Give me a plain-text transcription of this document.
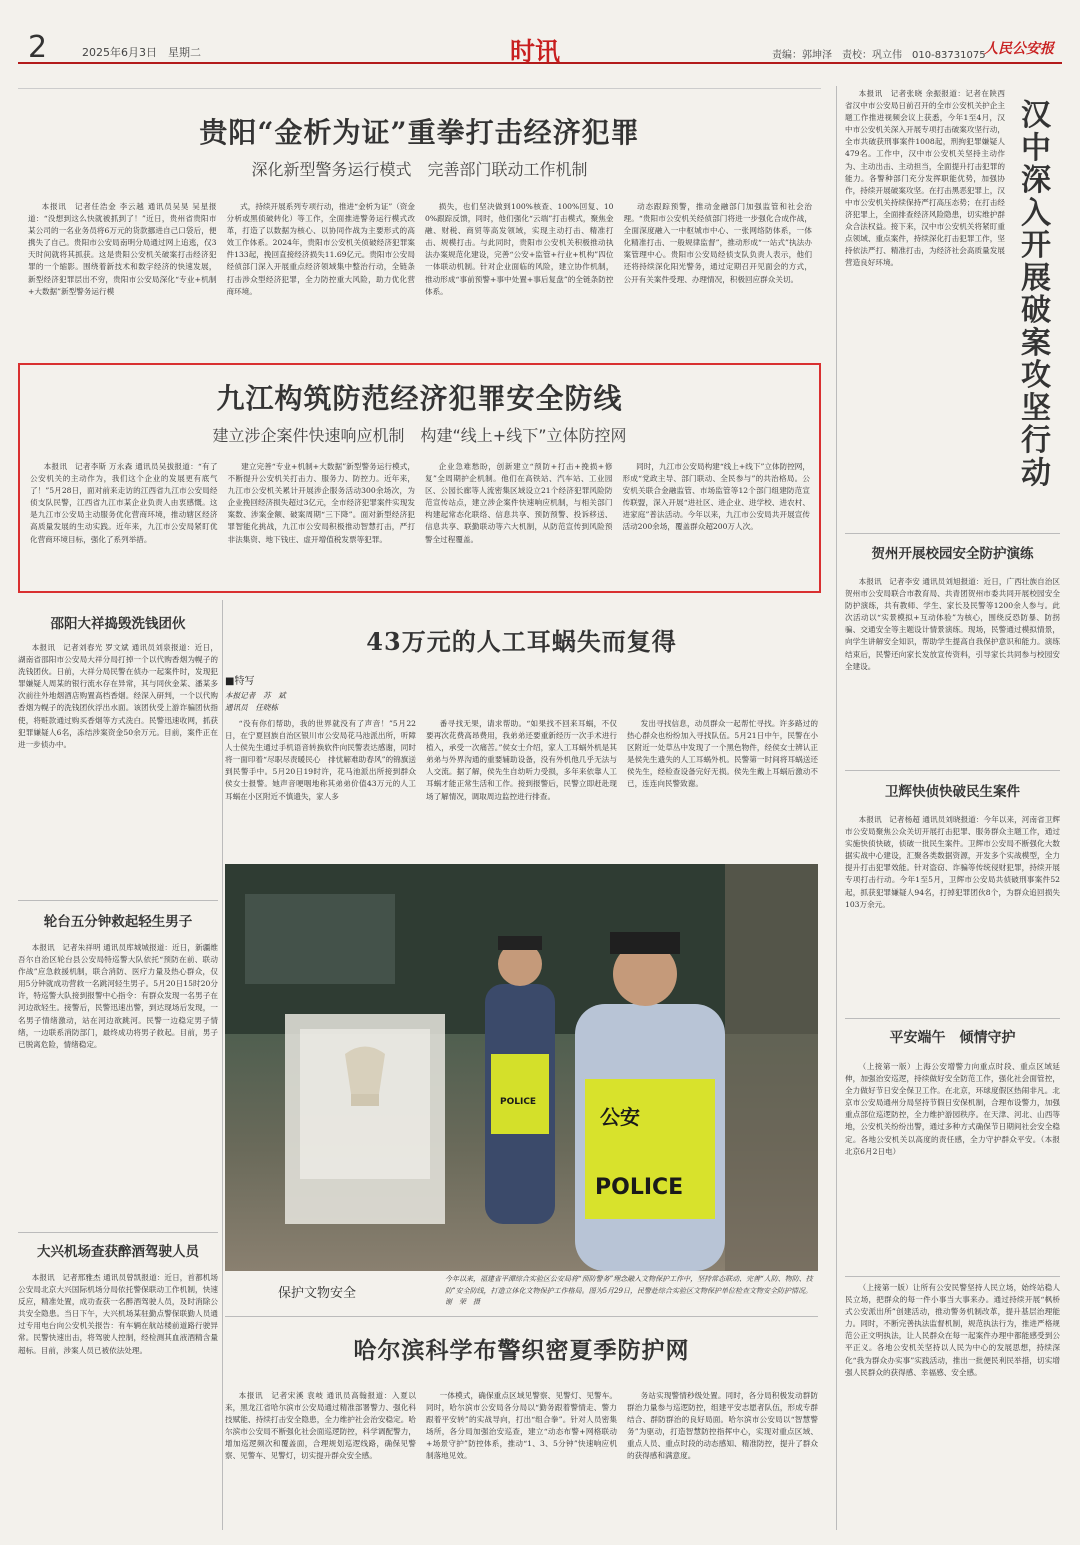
2	2025年6月3日　星期二	时讯	责编：郭坤泽　责校：巩立伟　010-83731075
人民公安报
贵阳“金析为证”重拳打击经济犯罪
深化新型警务运行模式　完善部门联动工作机制

本报讯　记者任浩金 李云越 通讯员吴昊 吴星报道：“没想到这么快就被抓到了！”近日，贵州省贵阳市某公司的一名业务员将6万元的货款挪进自己口袋后，便携失了自己。贵阳市公安局南明分局通过网上追逃，仅3天时间就将其抓获。这是贵阳公安机关破案打击经济犯罪的一个缩影。围绕着新技术和数字经济的快速发展，新型经济犯罪层出不穷，贵阳市公安局深化“专业+机制+大数据”新型警务运行模

式，持续开展系列专项行动，推进“金析为证”（资金分析或黑侦破转化）等工作，全面推进警务运行模式改革，打造了以数据为核心、以协同作战为主要形式的高效工作体系。2024年，贵阳市公安机关侦破经济犯罪案件133起，挽回直接经济损失11.69亿元。贵阳市公安局经侦部门深入开展重点经济领域集中整治行动，全链条打击涉众型经济犯罪，全力防控重大风险，助力优化营商环境。

损失，也们坚决做到100%核查、100%回复、100%跟踪反馈，同时，他们强化“云端”打击模式，聚焦金融、财税、商贸等高发领域，实现主动打击、精准打击、规模打击。与此同时，贵阳市公安机关积极推动执法办案规范化建设，完善“公安+监管+行业+机构”四位一体联动机制。针对企业面临的风险，建立协作机制，推动形成“事前预警+事中处置+事后复盘”的全链条防控体系。

动态跟踪预警，推动金融部门加强监管和社会治理。“贵阳市公安机关经侦部门将进一步强化合成作战，全面深度融入一中枢城市中心、一张网络防体系，一体化精准打击、一般规律监督”，推动形成“一站式”执法办案管理中心。贵阳市公安局经侦支队负责人表示，他们还将持续深化阳光警务，通过定期召开见面会的方式，公开有关案件受理、办理情况，积极回应群众关切。

九江构筑防范经济犯罪安全防线
建立涉企案件快速响应机制　构建“线上+线下”立体防控网

本报讯　记者李斯 万永森 通讯员吴拔报道：“有了公安机关的主动作为，我们这个企业的发展更有底气了！”5月28日，面对前来走访的江西省九江市公安局经侦支队民警，江西省九江市某企业负责人由衷感慨。这是九江市公安局主动服务优化营商环境，推动辖区经济高质量发展的生动实践。近年来，九江市公安局紧盯优化营商环境目标，强化了系列举措。

建立完善“专业+机制+大数据”新型警务运行模式，不断提升公安机关打击力、服务力、防控力。近年来，九江市公安机关累计开展涉企服务活动300余场次，为企业挽回经济损失超过3亿元，全市经济犯罪案件实现发案数、涉案金额、破案周期“三下降”。面对新型经济犯罪智能化挑战，九江市公安局积极推动智慧打击，严打非法集资、地下钱庄、虚开增值税发票等犯罪。

企业急难愁盼，创新建立“预防+打击+挽损+修复”全周期护企机制。他们在高铁站、汽车站、工业园区、公园长廊等人流密集区域设立21个经济犯罪风险防范宣传站点，建立涉企案件快速响应机制，与相关部门构建起常态化联络、信息共享、预防预警、投诉移送、信息共享、联勤联动等六大机制，从防范宣传到风险预警全过程覆盖。

同时，九江市公安局构建“线上+线下”立体防控网，形成“党政主导、部门联动、全民参与”的共治格局。公安机关联合金融监管、市场监管等12个部门组建防范宣传联盟，深入开展“进社区、进企业、进学校、进农村、进家庭”普法活动。今年以来，九江市公安局共开展宣传活动200余场，覆盖群众超200万人次。

邵阳大祥捣毁洗钱团伙

本报讯　记者刘春光 罗文斌 通讯员刘泉报道：近日，湖南省邵阳市公安局大祥分局打掉一个以代购香烟为幌子的洗钱团伙。日前，大祥分局民警在侦办一起案件时，发现犯罪嫌疑人周某的银行流水存在异常，其与同伙金某、潘某多次前往外地烟酒店购置高档香烟。经深入研判，一个以代购香烟为幌子的洗钱团伙浮出水面。该团伙受上游诈骗团伙指使，将赃款通过购买香烟等方式洗白。民警迅速收网，抓获犯罪嫌疑人6名，冻结涉案资金50余万元。目前，案件正在进一步侦办中。

轮台五分钟救起轻生男子

本报讯　记者朱祥明 通讯员库城城报道：近日，新疆维吾尔自治区轮台县公安局特巡警大队依托“预防在前、联动作战”应急救援机制，联合消防、医疗力量及热心群众，仅用5分钟就成功营救一名跳河轻生男子。5月20日15时20分许，特巡警大队接到报警中心指令：有群众发现一名男子在河边欲轻生。接警后，民警迅速出警，到达现场后发现，一名男子情绪激动，站在河边欲跳河。民警一边稳定男子情绪，一边联系消防部门，最终成功将男子救起。目前，男子已脱离危险，情绪稳定。

大兴机场查获醉酒驾驶人员

本报讯　记者邢雅杰 通讯员曾凯报道：近日，首都机场公安局北京大兴国际机场分局依托警保联动工作机制，快速反应，精准处置，成功查获一名醉酒驾驶人员，及时消除公共安全隐患。当日下午，大兴机场某驻勤点警保联勤人员通过专用电台向公安机关报告：有车辆在航站楼前道路行驶异常。民警快速出击，将驾驶人控制，经检测其血液酒精含量超标。目前，涉案人员已被依法处理。

43万元的人工耳蜗失而复得
■特写
本报记者　苏　斌
通讯员　任晓栋

“没有你们帮助，我的世界就没有了声音！”5月22日，在宁夏回族自治区银川市公安局花马池派出所，听障人士侯先生通过手机语音转换软件向民警表达感谢，同时将一面印着“尽职尽责暖民心　排忧解难助春风”的锦旗送到民警手中。5月20日19时许，花马池派出所接到群众侯女士报警。她声音哽咽地称其弟弟价值43万元的人工耳蜗在小区附近不慎遗失，家人多

番寻找无果，请求帮助。“如果找不回来耳蜗，不仅要再次花费高昂费用，我弟弟还要重新经历一次手术进行植入，承受一次痛苦。”侯女士介绍，家人工耳蜗外机是其弟弟与外界沟通的重要辅助设备，没有外机他几乎无法与人交流。据了解，侯先生自幼听力受损，多年来依靠人工耳蜗才能正常生活和工作。接到报警后，民警立即赶赴现场了解情况，调取周边监控进行排查。

发出寻找信息，动员群众一起帮忙寻找。许多路过的热心群众也纷纷加入寻找队伍。5月21日中午，民警在小区附近一处草丛中发现了一个黑色物件，经侯女士辨认正是侯先生遗失的人工耳蜗外机。民警第一时间将耳蜗送还侯先生，经检查设备完好无损。侯先生戴上耳蜗后激动不已，连连向民警致谢。

公安
POLICE
POLICE
保护文物安全
今年以来，福建省平潭综合实验区公安局将“预防警务”理念融入文物保护工作中，坚持常态联动、完善“人防、物防、技防”安全防线，打造立体化文物保护工作格局。图为5月29日，民警赴综合实验区文物保护单位检查文物安全防护情况。　谢　荣　摄
哈尔滨科学布警织密夏季防护网

本报讯　记者宋溪 袁岐 通讯员高翰报道：入夏以来，黑龙江省哈尔滨市公安局通过精准部署警力、强化科技赋能、持续打击安全隐患，全力维护社会治安稳定。哈尔滨市公安局不断强化社会面巡逻防控，科学调配警力，增加巡逻频次和覆盖面，合理规划巡逻线路，确保见警察、见警车、见警灯，切实提升群众安全感。

一体模式，确保重点区域见警察、见警灯、见警车。同时，哈尔滨市公安局各分局以“勤务跟着警情走、警力跟着平安转”的实战导向，打出“组合拳”。针对人员密集场所，各分局加强治安巡查，建立“动态布警+网格联动+场景守护”防控体系，推动“1、3、5分钟”快速响应机制落地见效。

务站实现警情秒级处置。同时，各分局积极发动群防群治力量参与巡逻防控，组建平安志愿者队伍，形成专群结合、群防群治的良好局面。哈尔滨市公安局以“智慧警务”为驱动，打造智慧防控指挥中心，实现对重点区域、重点人员、重点时段的动态感知、精准防控，提升了群众的获得感和满意度。

本报讯　记者张晓 余振报道：记者在陕西省汉中市公安局日前召开的全市公安机关护企主题工作推进视频会议上获悉，今年1至4月，汉中市公安机关深入开展专项打击破案攻坚行动，全市共破获刑事案件1008起，刑拘犯罪嫌疑人479名。工作中，汉中市公安机关坚持主动作为、主动出击、主动担当，全面提升打击犯罪的能力。各警种部门充分发挥职能优势，加强协作，持续开展破案攻坚。在打击黑恶犯罪上，汉中市公安机关持续保持严打高压态势；在打击经济犯罪上，全面排查经济风险隐患，切实维护群众合法权益。接下来，汉中市公安机关将紧盯重点领域、重点案件，持续深化打击犯罪工作，坚持依法严打、精准打击，为经济社会高质量发展营造良好环境。

汉中深入开展破案攻坚行动
贺州开展校园安全防护演练

本报讯　记者李安 通讯员刘旭报道：近日，广西壮族自治区贺州市公安局联合市教育局、共青团贺州市委共同开展校园安全防护演练，共有教师、学生、家长及民警等1200余人参与。此次活动以“实景模拟+互动体验”为核心，围绕反恐防暴、防拐骗、交通安全等主题设计情景演练。现场，民警通过模拟情景，向学生讲解安全知识，帮助学生提高自我保护意识和能力。演练结束后，民警还向家长发放宣传资料，引导家长共同参与校园安全建设。

卫辉快侦快破民生案件

本报讯　记者杨超 通讯员刘晓报道：今年以来，河南省卫辉市公安局聚焦公众关切开展打击犯罪、服务群众主题工作，通过实施快侦快破，侦破一批民生案件。卫辉市公安局不断强化大数据实战中心建设，汇聚各类数据资源，开发多个实战模型，全力提升打击犯罪效能。针对盗窃、诈骗等传统侵财犯罪，持续开展专项打击行动。今年1至5月，卫辉市公安局共侦破刑事案件52起，抓获犯罪嫌疑人94名，打掉犯罪团伙8个，为群众追回损失103万余元。

平安端午　倾情守护

（上接第一版）上海公安增警力向重点时段、重点区域延伸，加强治安巡逻，持续做好安全防范工作，强化社会面管控，全力做好节日安全保卫工作。在北京，环球度假区热闹非凡。北京市公安局通州分局坚持节假日安保机制，合理布设警力，加强重点部位巡逻防控，全力维护游园秩序。在天津、河北、山西等地，公安机关纷纷出警，通过多种方式确保节日期间社会安全稳定。各地公安机关以高度的责任感，全力守护群众平安。（本报北京6月2日电）

（上接第一版）让所有公安民警坚持人民立场，始终站稳人民立场，把群众的每一件小事当大事来办。通过持续开展“枫桥式公安派出所”创建活动，推动警务机制改革，提升基层治理能力。同时，不断完善执法监督机制，规范执法行为，推进严格规范公正文明执法，让人民群众在每一起案件办理中都能感受到公平正义。各地公安机关坚持以人民为中心的发展思想，持续深化“我为群众办实事”实践活动，推出一批便民利民举措，切实增强人民群众的获得感、幸福感、安全感。
